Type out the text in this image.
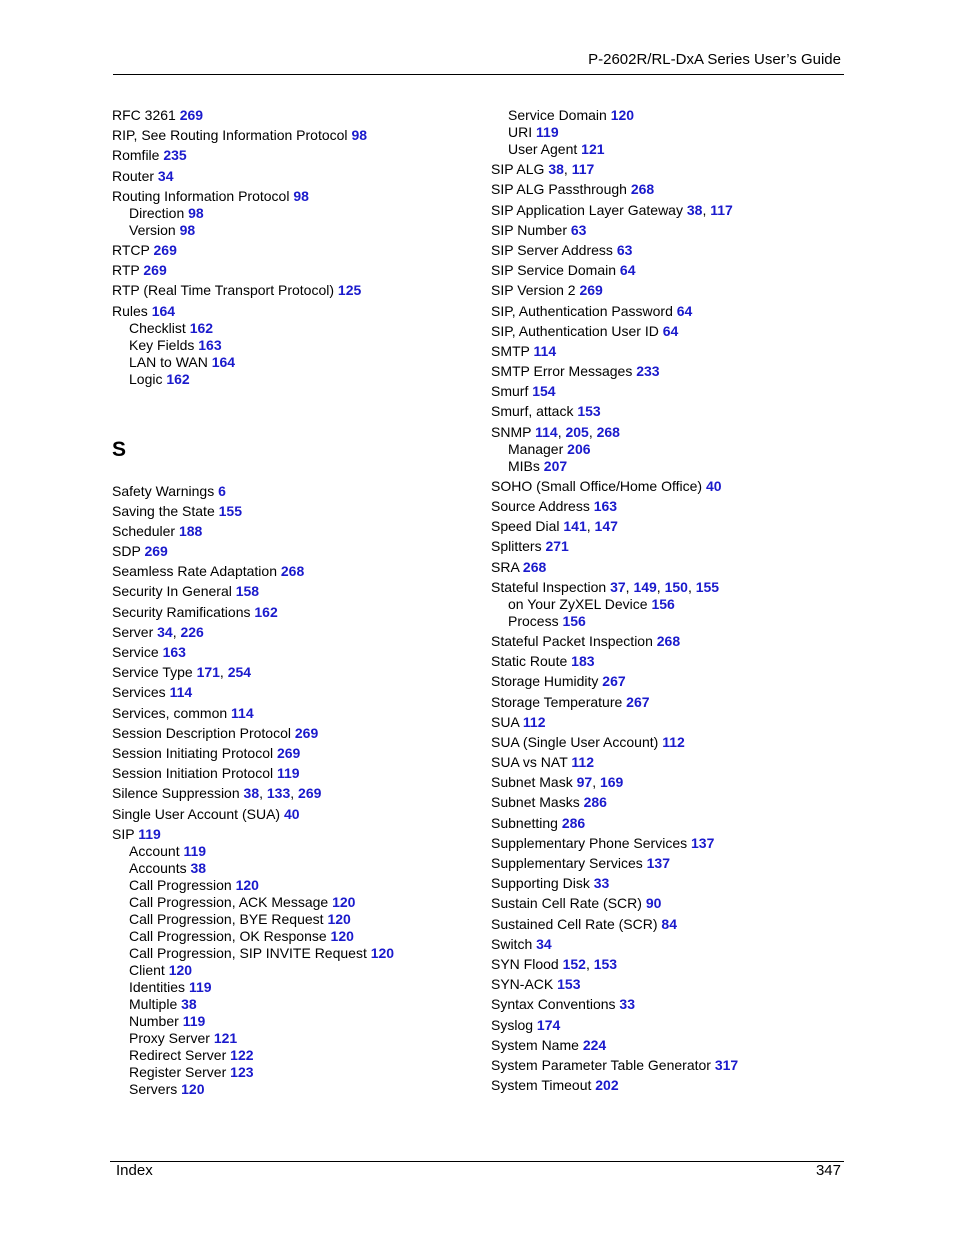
P-2602R/RL-DxA Series User’s Guide
RFC 3261 269
RIP, See Routing Information Protocol 98
Romfile 235
Router 34
Routing Information Protocol 98
Direction 98
Version 98
RTCP 269
RTP 269
RTP (Real Time Transport Protocol) 125
Rules 164
Checklist 162
Key Fields 163
LAN to WAN 164
Logic 162
S
Safety Warnings 6
Saving the State 155
Scheduler 188
SDP 269
Seamless Rate Adaptation 268
Security In General 158
Security Ramifications 162
Server 34, 226
Service 163
Service Type 171, 254
Services 114
Services, common 114
Session Description Protocol 269
Session Initiating Protocol 269
Session Initiation Protocol 119
Silence Suppression 38, 133, 269
Single User Account (SUA) 40
SIP 119
Account 119
Accounts 38
Call Progression 120
Call Progression, ACK Message 120
Call Progression, BYE Request 120
Call Progression, OK Response 120
Call Progression, SIP INVITE Request 120
Client 120
Identities 119
Multiple 38
Number 119
Proxy Server 121
Redirect Server 122
Register Server 123
Servers 120
Service Domain 120
URI 119
User Agent 121
SIP ALG 38, 117
SIP ALG Passthrough 268
SIP Application Layer Gateway 38, 117
SIP Number 63
SIP Server Address 63
SIP Service Domain 64
SIP Version 2 269
SIP, Authentication Password 64
SIP, Authentication User ID 64
SMTP 114
SMTP Error Messages 233
Smurf 154
Smurf, attack 153
SNMP 114, 205, 268
Manager 206
MIBs 207
SOHO (Small Office/Home Office) 40
Source Address 163
Speed Dial 141, 147
Splitters 271
SRA 268
Stateful Inspection 37, 149, 150, 155
on Your ZyXEL Device 156
Process 156
Stateful Packet Inspection 268
Static Route 183
Storage Humidity 267
Storage Temperature 267
SUA 112
SUA (Single User Account) 112
SUA vs NAT 112
Subnet Mask 97, 169
Subnet Masks 286
Subnetting 286
Supplementary Phone Services 137
Supplementary Services 137
Supporting Disk 33
Sustain Cell Rate (SCR) 90
Sustained Cell Rate (SCR) 84
Switch 34
SYN Flood 152, 153
SYN-ACK 153
Syntax Conventions 33
Syslog 174
System Name 224
System Parameter Table Generator 317
System Timeout 202
Index	347
